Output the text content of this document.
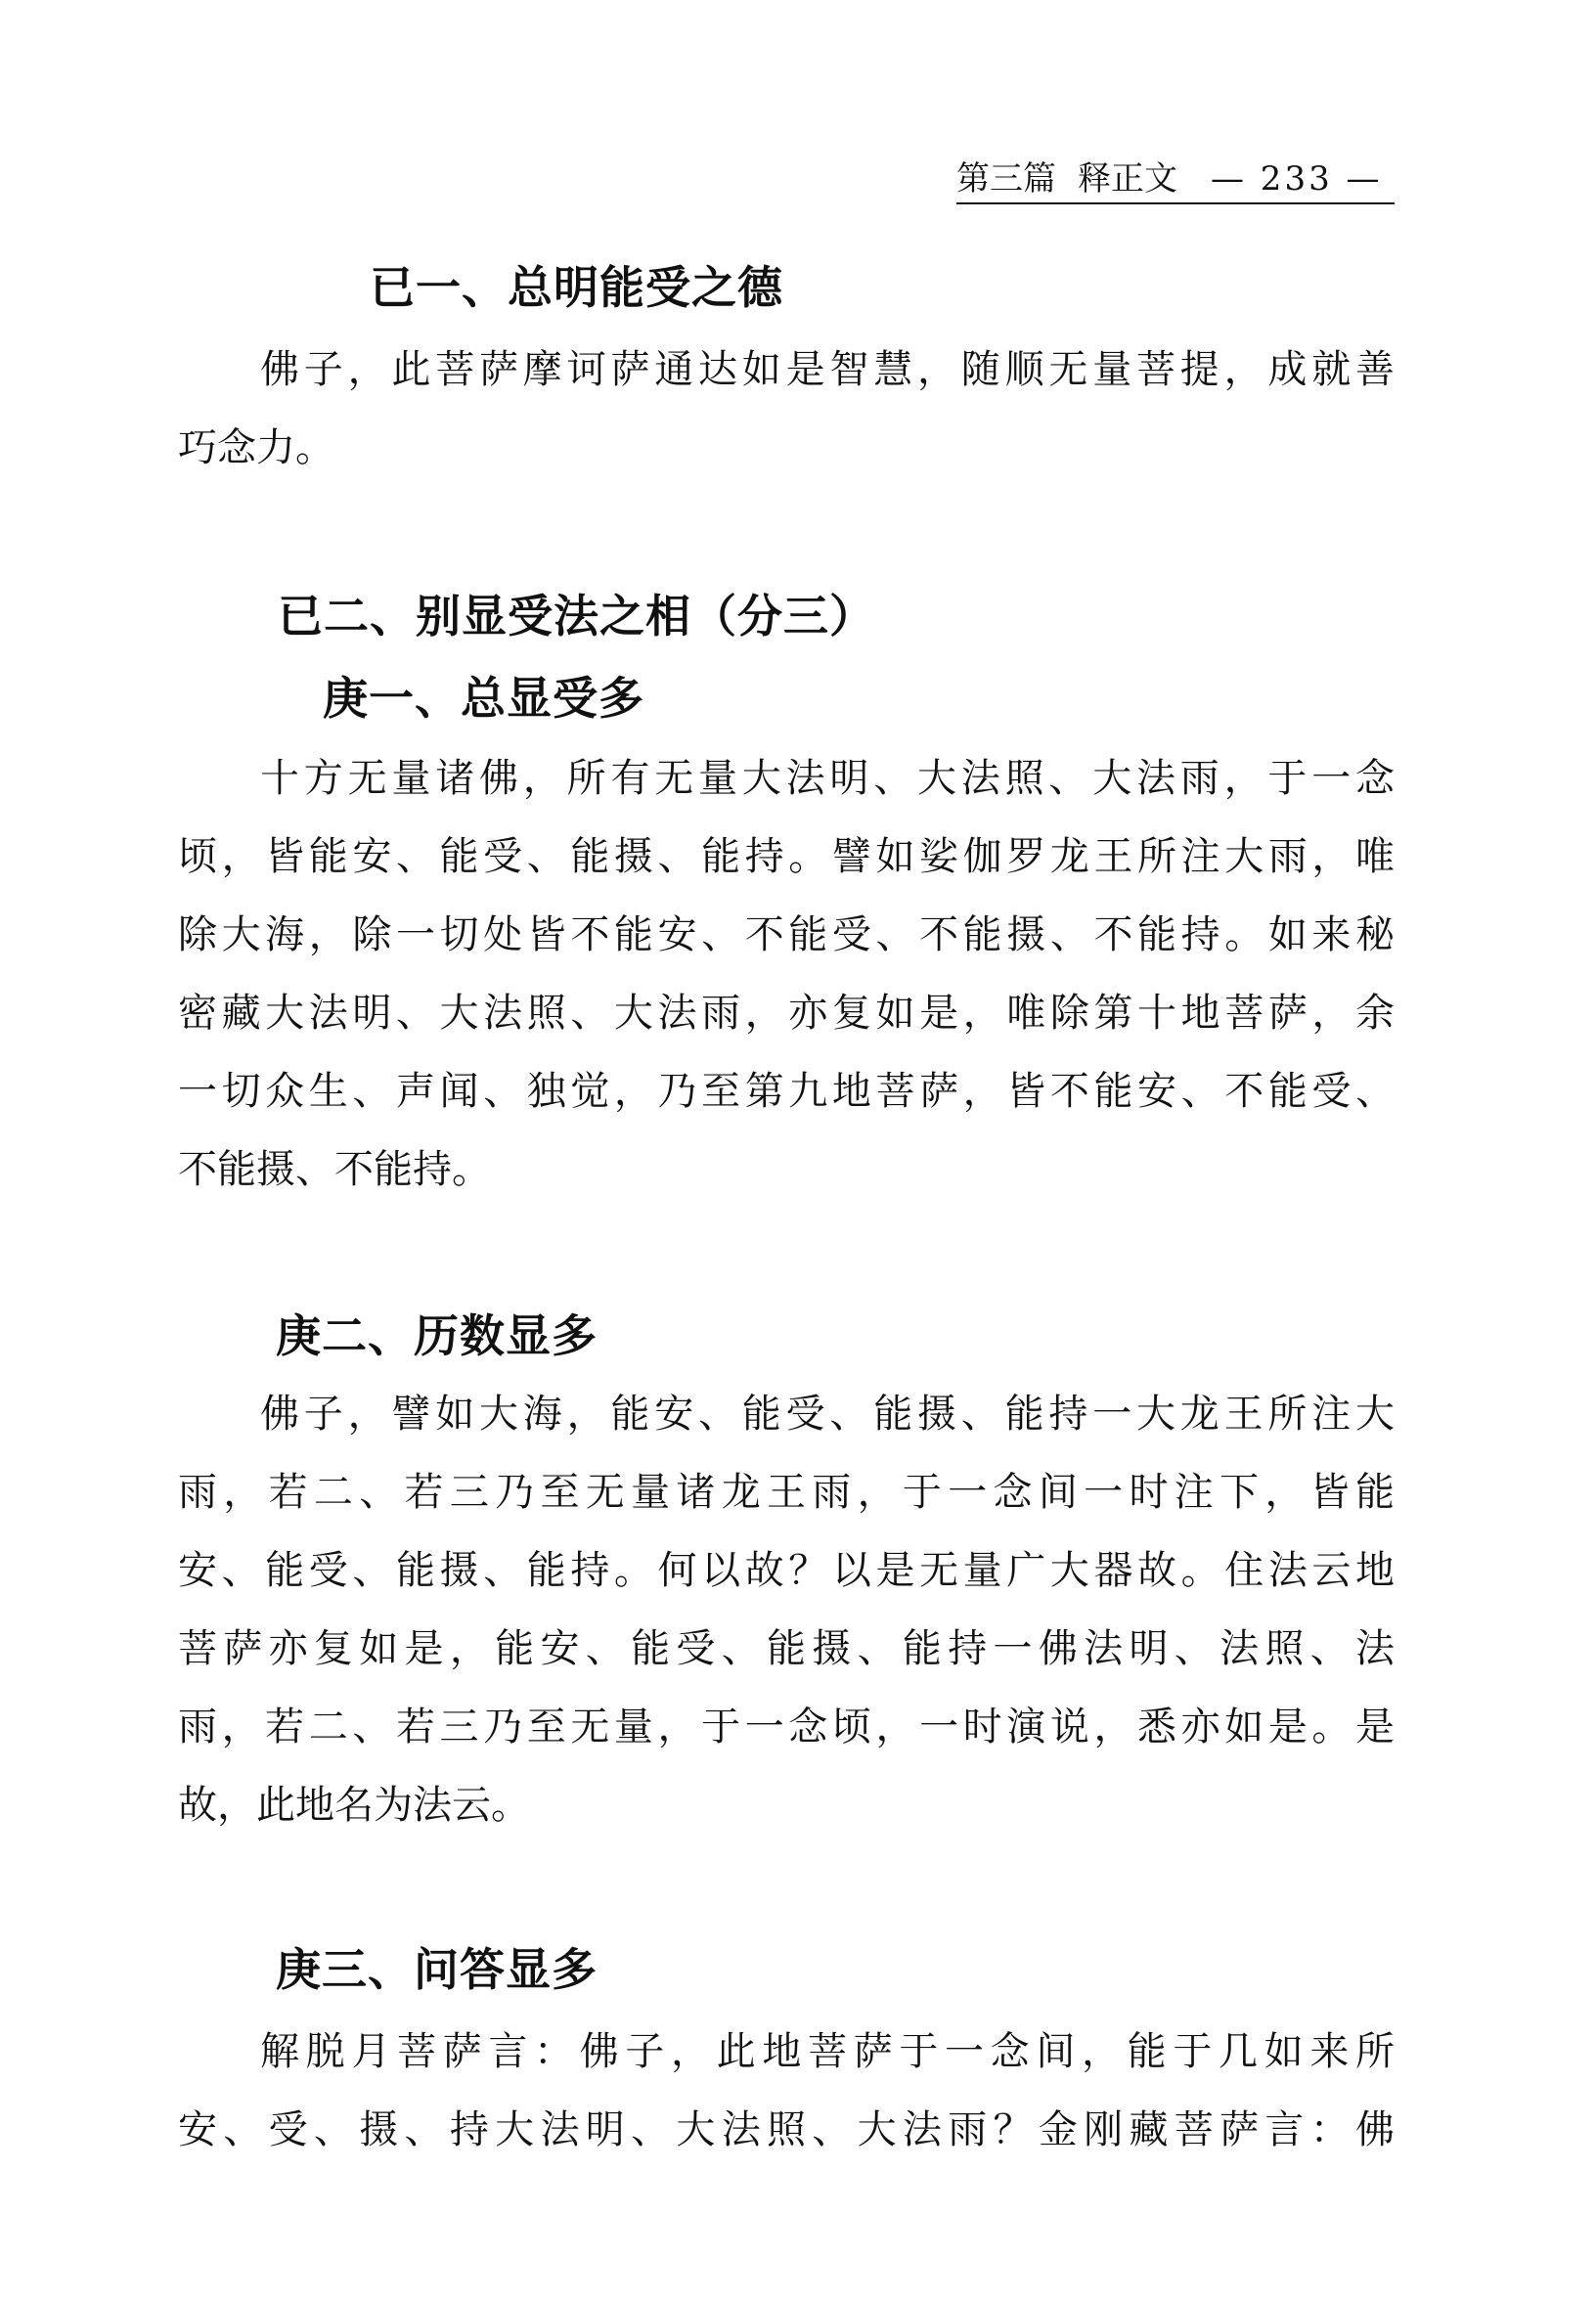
第三篇 释正文 — 233 —
已一、总明能受之德
佛子，此菩萨摩诃萨通达如是智慧，随顺无量菩提，成就善
巧念力。
已二、别显受法之相（分三）
庚一、总显受多
十方无量诸佛，所有无量大法明、大法照、大法雨，于一念
顷，皆能安、能受、能摄、能持。譬如娑伽罗龙王所注大雨，唯
除大海，除一切处皆不能安、不能受、不能摄、不能持。如来秘
密藏大法明、大法照、大法雨，亦复如是，唯除第十地菩萨，余
一切众生、声闻、独觉，乃至第九地菩萨，皆不能安、不能受、
不能摄、不能持。
庚二、历数显多
佛子，譬如大海，能安、能受、能摄、能持一大龙王所注大
雨，若二、若三乃至无量诸龙王雨，于一念间一时注下，皆能
安、能受、能摄、能持。何以故？以是无量广大器故。住法云地
菩萨亦复如是，能安、能受、能摄、能持一佛法明、法照、法
雨，若二、若三乃至无量，于一念顷，一时演说，悉亦如是。是
故，此地名为法云。
庚三、问答显多
解脱月菩萨言：佛子，此地菩萨于一念间，能于几如来所
安、受、摄、持大法明、大法照、大法雨？金刚藏菩萨言：佛
